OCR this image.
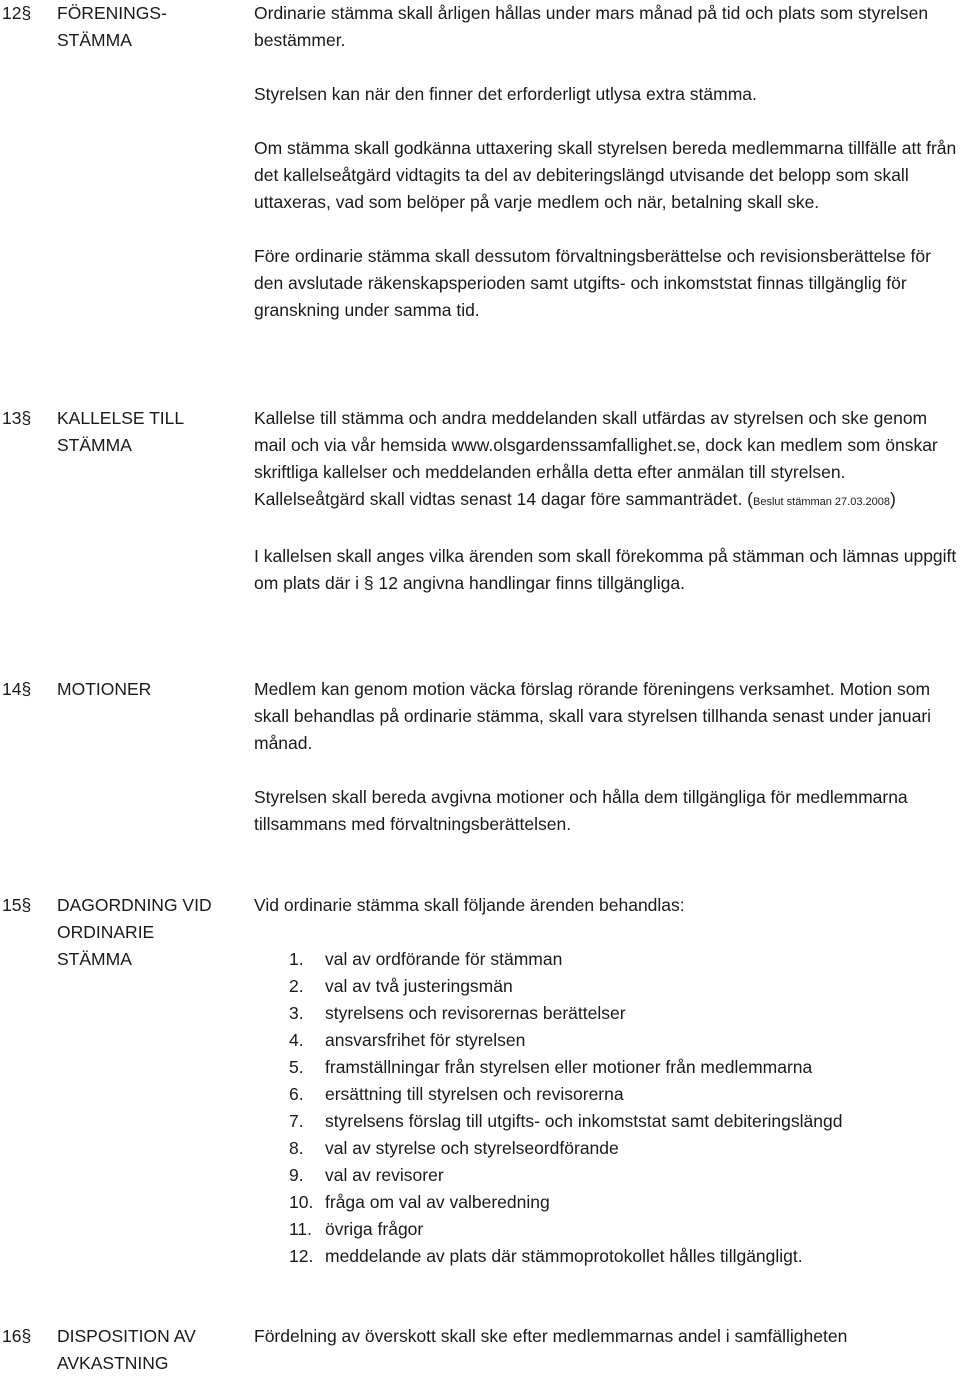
12§ FÖRENINGS-
STÄMMA

Ordinarie stämma skall årligen hållas under mars månad på tid och plats som styrelsen bestämmer.

Styrelsen kan när den finner det erforderligt utlysa extra stämma.

Om stämma skall godkänna uttaxering skall styrelsen bereda medlemmarna tillfälle att från det kallelseåtgärd vidtagits ta del av debiteringslängd utvisande det belopp som skall uttaxeras, vad som belöper på varje medlem och när, betalning skall ske.

Före ordinarie stämma skall dessutom förvaltningsberättelse och revisionsberättelse för den avslutade räkenskapsperioden samt utgifts- och inkomststat finnas tillgänglig för granskning under samma tid.

13§ KALLELSE TILL
STÄMMA

Kallelse till stämma och andra meddelanden skall utfärdas av styrelsen och ske genom mail och via vår hemsida www.olsgardenssamfallighet.se, dock kan medlem som önskar skriftliga kallelser och meddelanden erhålla detta efter anmälan till styrelsen. Kallelseåtgärd skall vidtas senast 14 dagar före sammanträdet. (Beslut stämman 27.03.2008)

I kallelsen skall anges vilka ärenden som skall förekomma på stämman och lämnas uppgift om plats där i § 12 angivna handlingar finns tillgängliga.

14§ MOTIONER	Medlem kan genom motion väcka förslag rörande föreningens verksamhet. Motion som skall behandlas på ordinarie stämma, skall vara styrelsen tillhanda senast under januari månad.

Styrelsen skall bereda avgivna motioner och hålla dem tillgängliga för medlemmarna tillsammans med förvaltningsberättelsen.

15§ DAGORDNING VID
ORDINARIE
STÄMMA

Vid ordinarie stämma skall följande ärenden behandlas:

1. val av ordförande för stämman
2. val av två justeringsmän
3. styrelsens och revisorernas berättelser
4. ansvarsfrihet för styrelsen
5. framställningar från styrelsen eller motioner från medlemmarna
6. ersättning till styrelsen och revisorerna
7. styrelsens förslag till utgifts- och inkomststat samt debiteringslängd
8. val av styrelse och styrelseordförande
9. val av revisorer
10. fråga om val av valberedning
11. övriga frågor
12. meddelande av plats där stämmoprotokollet hålles tillgängligt.
16§ DISPOSITION AV
AVKASTNING

Fördelning av överskott skall ske efter medlemmarnas andel i samfälligheten
